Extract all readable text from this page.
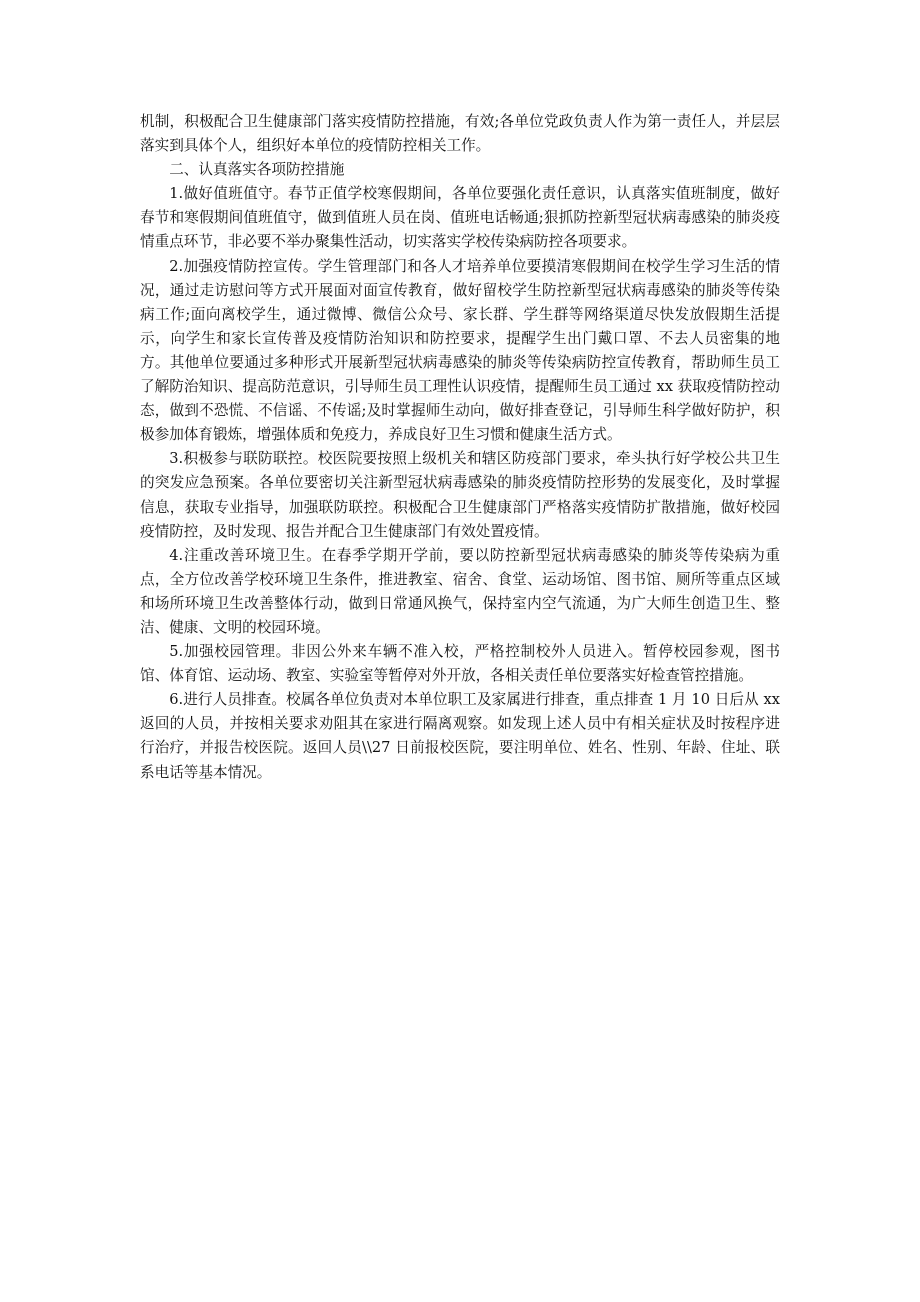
机制，积极配合卫生健康部门落实疫情防控措施，有效;各单位党政负责人作为第一责任人，并层层落实到具体个人，组织好本单位的疫情防控相关工作。

二、认真落实各项防控措施

1.做好值班值守。春节正值学校寒假期间，各单位要强化责任意识，认真落实值班制度，做好春节和寒假期间值班值守，做到值班人员在岗、值班电话畅通;狠抓防控新型冠状病毒感染的肺炎疫情重点环节，非必要不举办聚集性活动，切实落实学校传染病防控各项要求。

2.加强疫情防控宣传。学生管理部门和各人才培养单位要摸清寒假期间在校学生学习生活的情况，通过走访慰问等方式开展面对面宣传教育，做好留校学生防控新型冠状病毒感染的肺炎等传染病工作;面向离校学生，通过微博、微信公众号、家长群、学生群等网络渠道尽快发放假期生活提示，向学生和家长宣传普及疫情防治知识和防控要求，提醒学生出门戴口罩、不去人员密集的地方。其他单位要通过多种形式开展新型冠状病毒感染的肺炎等传染病防控宣传教育，帮助师生员工了解防治知识、提高防范意识，引导师生员工理性认识疫情，提醒师生员工通过 xx 获取疫情防控动态，做到不恐慌、不信谣、不传谣;及时掌握师生动向，做好排查登记，引导师生科学做好防护，积极参加体育锻炼，增强体质和免疫力，养成良好卫生习惯和健康生活方式。

3.积极参与联防联控。校医院要按照上级机关和辖区防疫部门要求，牵头执行好学校公共卫生的突发应急预案。各单位要密切关注新型冠状病毒感染的肺炎疫情防控形势的发展变化，及时掌握信息，获取专业指导，加强联防联控。积极配合卫生健康部门严格落实疫情防扩散措施，做好校园疫情防控，及时发现、报告并配合卫生健康部门有效处置疫情。

4.注重改善环境卫生。在春季学期开学前，要以防控新型冠状病毒感染的肺炎等传染病为重点，全方位改善学校环境卫生条件，推进教室、宿舍、食堂、运动场馆、图书馆、厕所等重点区域和场所环境卫生改善整体行动，做到日常通风换气，保持室内空气流通，为广大师生创造卫生、整洁、健康、文明的校园环境。

5.加强校园管理。非因公外来车辆不准入校，严格控制校外人员进入。暂停校园参观，图书馆、体育馆、运动场、教室、实验室等暂停对外开放，各相关责任单位要落实好检查管控措施。

6.进行人员排查。校属各单位负责对本单位职工及家属进行排查，重点排查 1 月 10 日后从 xx 返回的人员，并按相关要求劝阻其在家进行隔离观察。如发现上述人员中有相关症状及时按程序进行治疗，并报告校医院。返回人员\\27 日前报校医院，要注明单位、姓名、性别、年龄、住址、联系电话等基本情况。
